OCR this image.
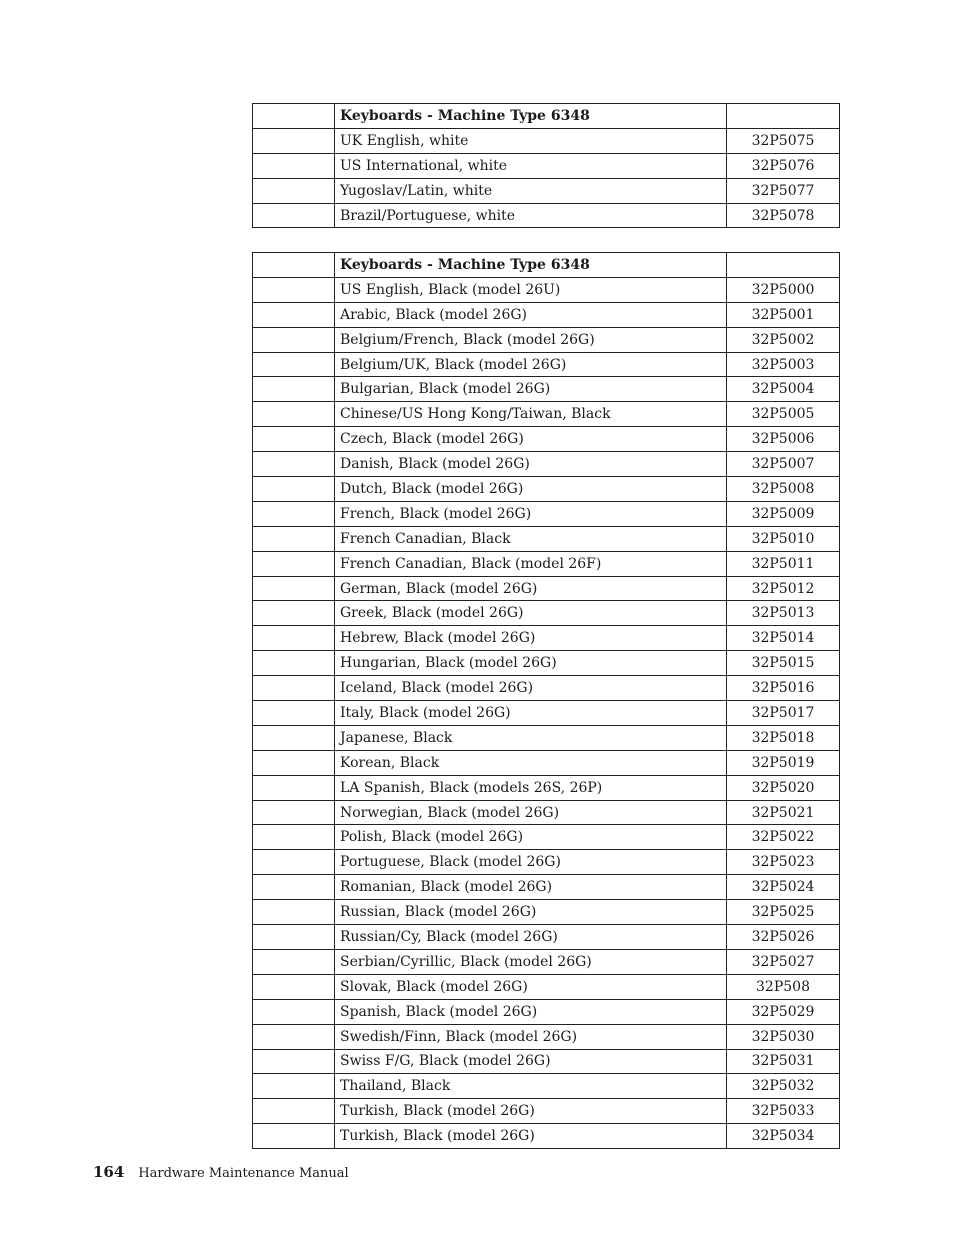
	Keyboards - Machine Type 6348	
	UK English, white	32P5075
	US International, white	32P5076
	Yugoslav/Latin, white	32P5077
	Brazil/Portuguese, white	32P5078
	Keyboards - Machine Type 6348	
	US English, Black (model 26U)	32P5000
	Arabic, Black (model 26G)	32P5001
	Belgium/French, Black (model 26G)	32P5002
	Belgium/UK, Black (model 26G)	32P5003
	Bulgarian, Black (model 26G)	32P5004
	Chinese/US Hong Kong/Taiwan, Black	32P5005
	Czech, Black (model 26G)	32P5006
	Danish, Black (model 26G)	32P5007
	Dutch, Black (model 26G)	32P5008
	French, Black (model 26G)	32P5009
	French Canadian, Black	32P5010
	French Canadian, Black (model 26F)	32P5011
	German, Black (model 26G)	32P5012
	Greek, Black (model 26G)	32P5013
	Hebrew, Black (model 26G)	32P5014
	Hungarian, Black (model 26G)	32P5015
	Iceland, Black (model 26G)	32P5016
	Italy, Black (model 26G)	32P5017
	Japanese, Black	32P5018
	Korean, Black	32P5019
	LA Spanish, Black (models 26S, 26P)	32P5020
	Norwegian, Black (model 26G)	32P5021
	Polish, Black (model 26G)	32P5022
	Portuguese, Black (model 26G)	32P5023
	Romanian, Black (model 26G)	32P5024
	Russian, Black (model 26G)	32P5025
	Russian/Cy, Black (model 26G)	32P5026
	Serbian/Cyrillic, Black (model 26G)	32P5027
	Slovak, Black (model 26G)	32P508
	Spanish, Black (model 26G)	32P5029
	Swedish/Finn, Black (model 26G)	32P5030
	Swiss F/G, Black (model 26G)	32P5031
	Thailand, Black	32P5032
	Turkish, Black (model 26G)	32P5033
	Turkish, Black (model 26G)	32P5034
164 Hardware Maintenance Manual
